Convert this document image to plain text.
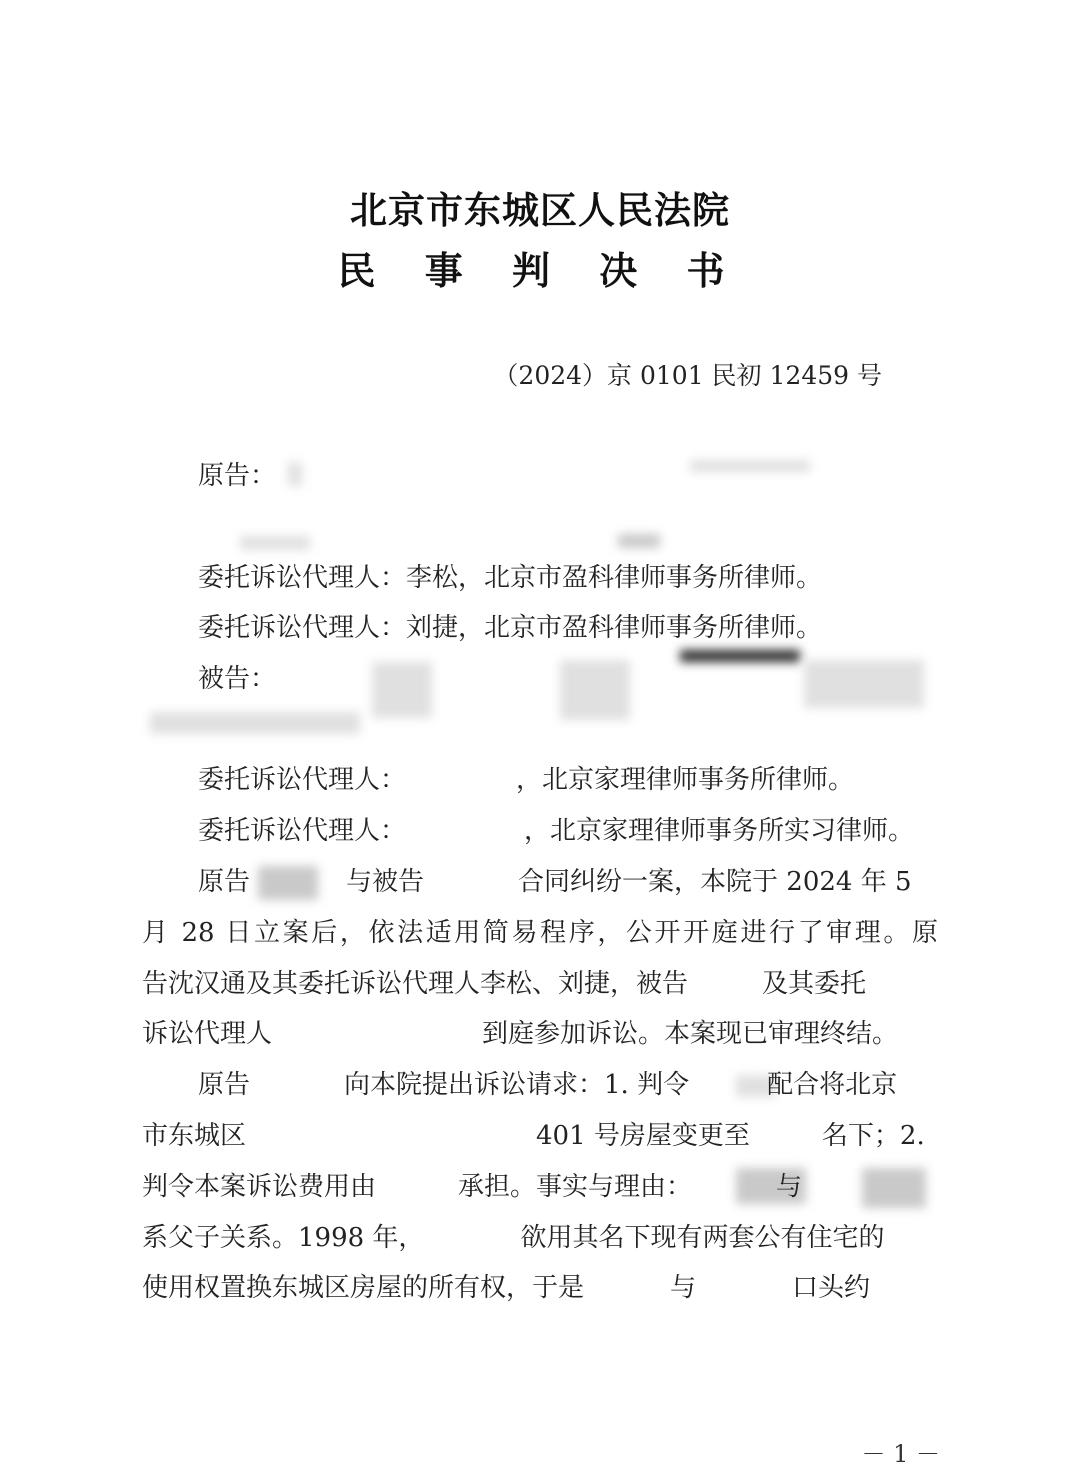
北京市东城区人民法院
民 事 判 决 书
（2024）京 0101 民初 12459 号
原告：
委托诉讼代理人：李松，北京市盈科律师事务所律师。
委托诉讼代理人：刘捷，北京市盈科律师事务所律师。
被告：
委托诉讼代理人：	，北京家理律师事务所律师。
委托诉讼代理人：	，北京家理律师事务所实习律师。
原告	与被告	合同纠纷一案，本院于 2024 年 5
月 28 日立案后，依法适用简易程序，公开开庭进行了审理。原
告沈汉通及其委托诉讼代理人李松、刘捷，被告	及其委托
诉讼代理人	到庭参加诉讼。本案现已审理终结。
原告	向本院提出诉讼请求：1. 判令	配合将北京
市东城区	401 号房屋变更至	名下；2.
判令本案诉讼费用由	承担。事实与理由：	与
系父子关系。1998 年，	欲用其名下现有两套公有住宅的
使用权置换东城区房屋的所有权，于是	与	口头约
－ 1 －
